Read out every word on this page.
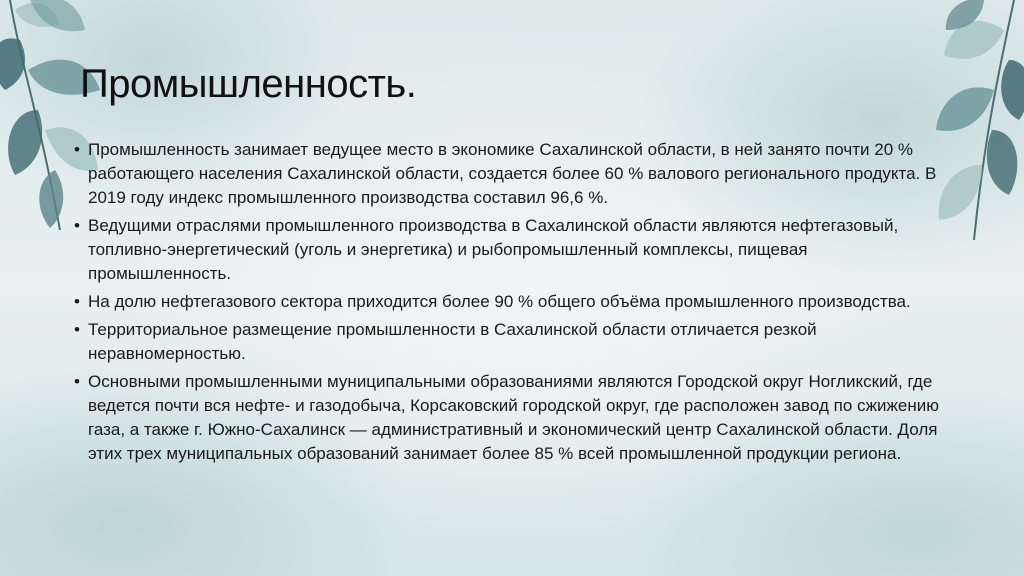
Промышленность.
• Промышленность занимает ведущее место в экономике Сахалинской области, в ней занято почти 20 % работающего населения Сахалинской области, создается более 60 % валового регионального продукта. В 2019 году индекс промышленного производства составил 96,6 %.
• Ведущими отраслями промышленного производства в Сахалинской области являются нефтегазовый, топливно-энергетический (уголь и энергетика) и рыбопромышленный комплексы, пищевая промышленность.
• На долю нефтегазового сектора приходится более 90 % общего объёма промышленного производства.
• Территориальное размещение промышленности в Сахалинской области отличается резкой неравномерностью.
• Основными промышленными муниципальными образованиями являются Городской округ Ногликский, где ведется почти вся нефте- и газодобыча, Корсаковский городской округ, где расположен завод по сжижению газа, а также г. Южно-Сахалинск — административный и экономический центр Сахалинской области. Доля этих трех муниципальных образований занимает более 85 % всей промышленной продукции региона.
